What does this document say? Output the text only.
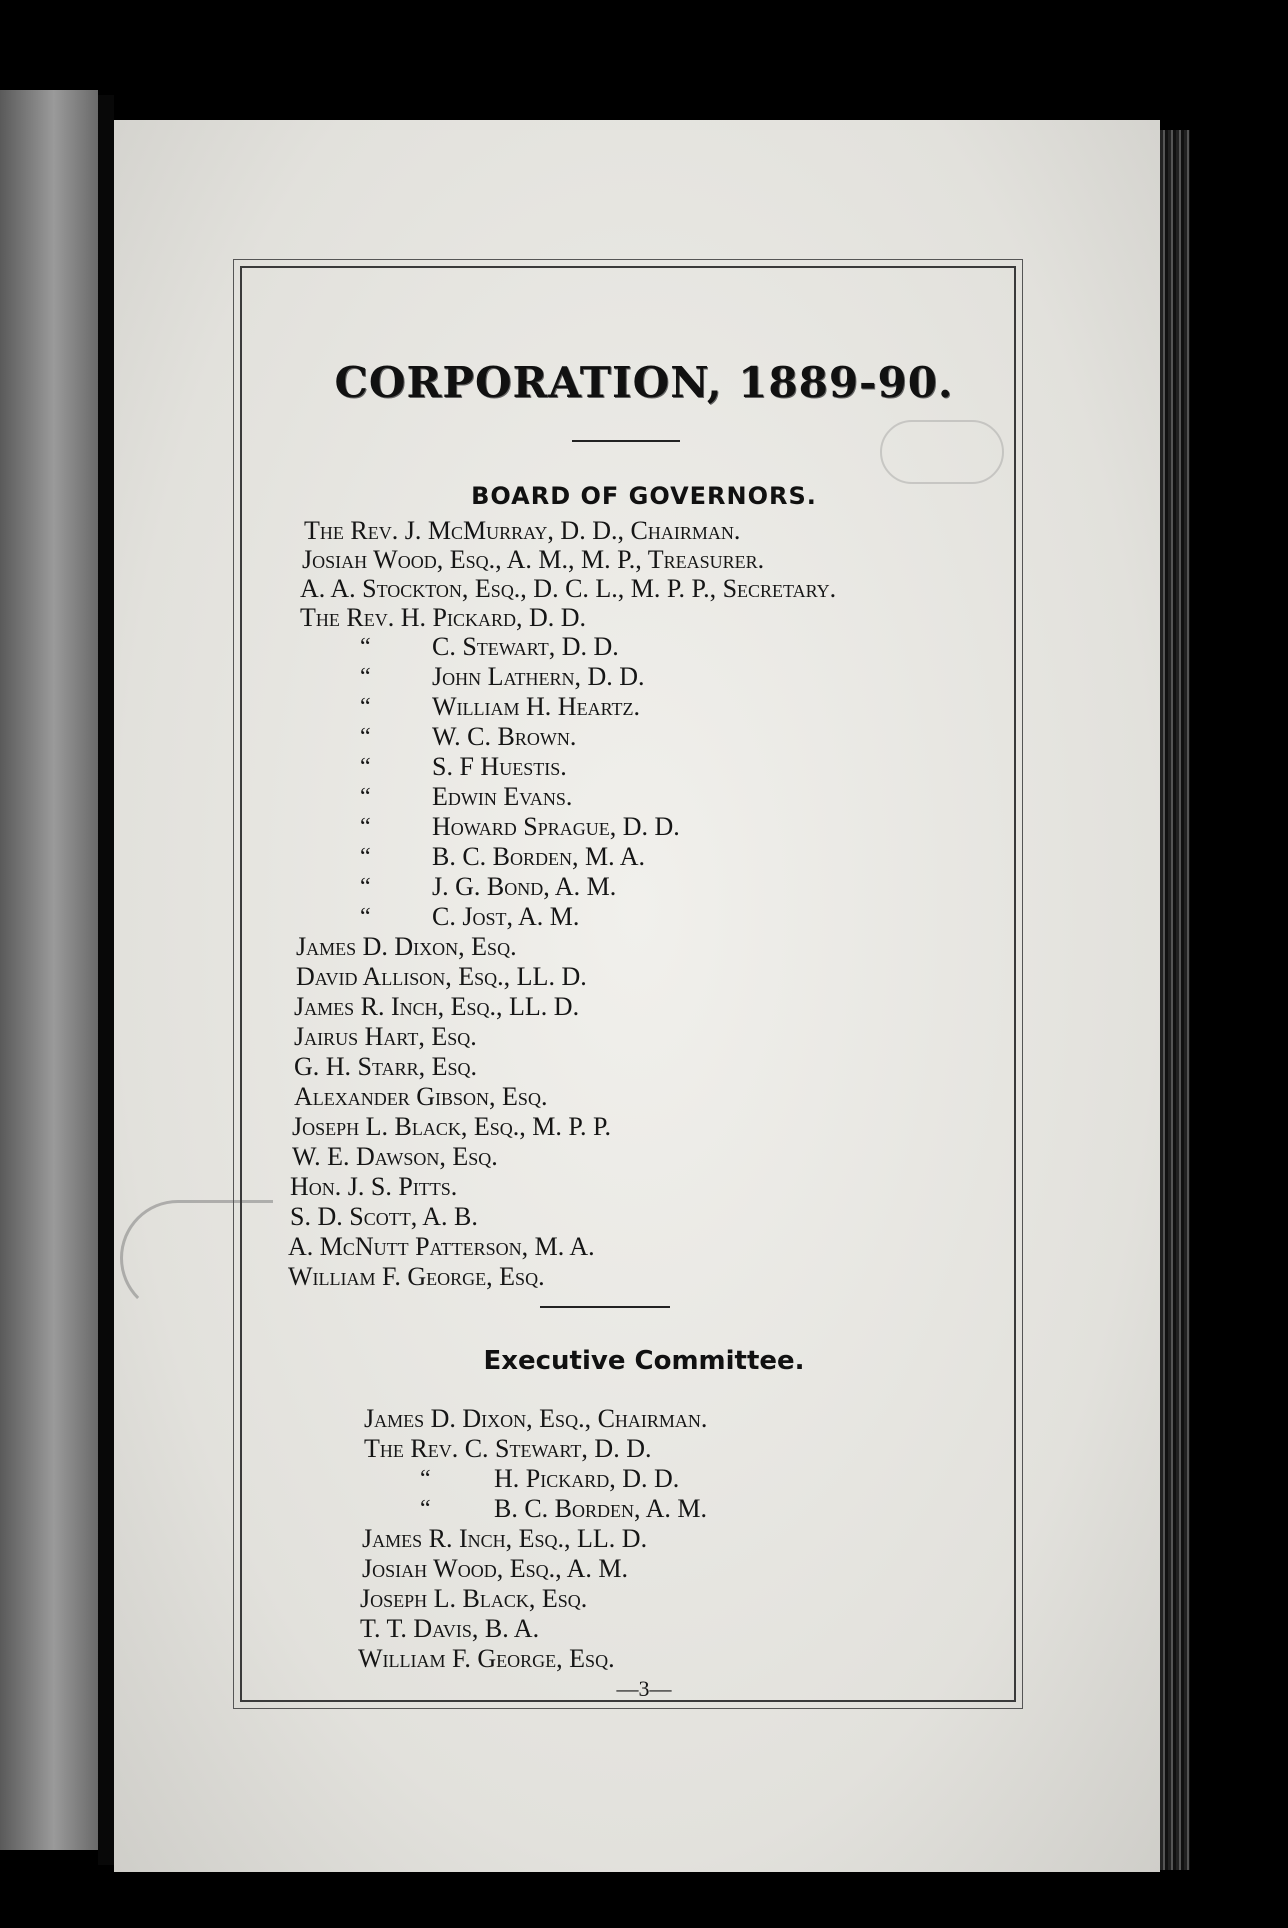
CORPORATION, 1889-90.
BOARD OF GOVERNORS.
The Rev. J. McMurray, D. D., Chairman.
Josiah Wood, Esq., A. M., M. P., Treasurer.
A. A. Stockton, Esq., D. C. L., M. P. P., Secretary.
The Rev. H. Pickard, D. D.
“ C. Stewart, D. D.
“ John Lathern, D. D.
“ William H. Heartz.
“ W. C. Brown.
“ S. F Huestis.
“ Edwin Evans.
“ Howard Sprague, D. D.
“ B. C. Borden, M. A.
“ J. G. Bond, A. M.
“ C. Jost, A. M.
James D. Dixon, Esq.
David Allison, Esq., LL. D.
James R. Inch, Esq., LL. D.
Jairus Hart, Esq.
G. H. Starr, Esq.
Alexander Gibson, Esq.
Joseph L. Black, Esq., M. P. P.
W. E. Dawson, Esq.
Hon. J. S. Pitts.
S. D. Scott, A. B.
A. McNutt Patterson, M. A.
William F. George, Esq.
Executive Committee.
James D. Dixon, Esq., Chairman.
The Rev. C. Stewart, D. D.
“ H. Pickard, D. D.
“ B. C. Borden, A. M.
James R. Inch, Esq., LL. D.
Josiah Wood, Esq., A. M.
Joseph L. Black, Esq.
T. T. Davis, B. A.
William F. George, Esq.
—3—
